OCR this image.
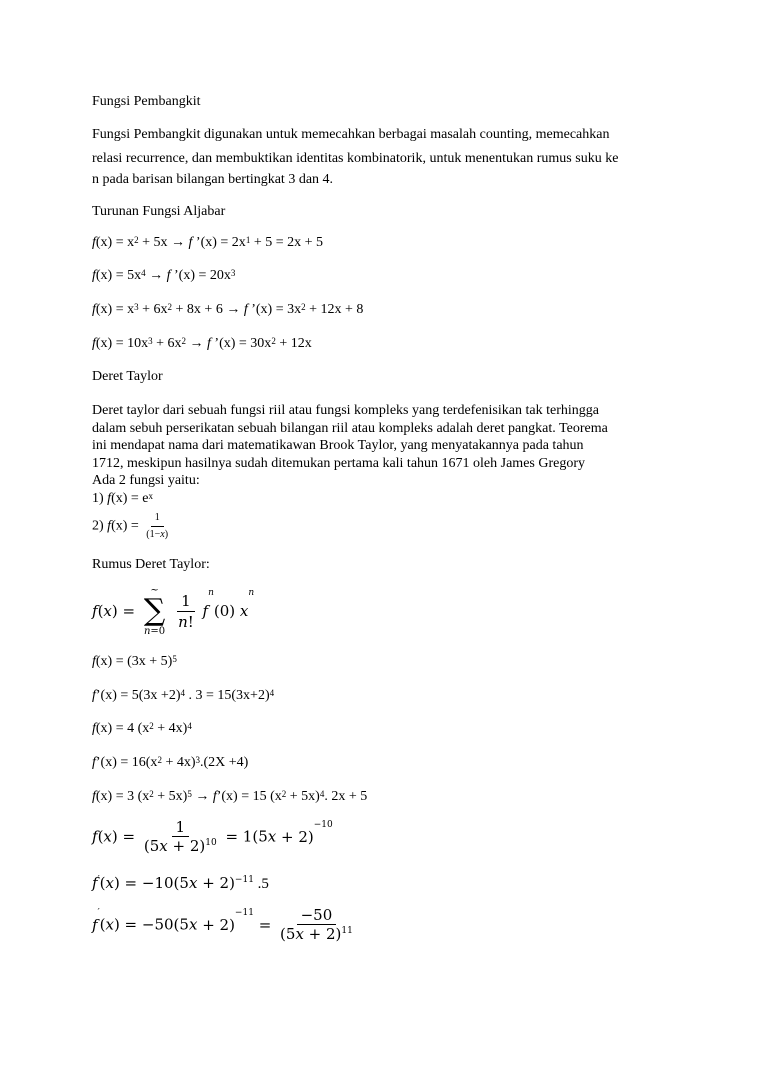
Fungsi Pembangkit
Fungsi Pembangkit digunakan untuk memecahkan berbagai masalah counting, memecahkan
relasi recurrence, dan membuktikan identitas kombinatorik, untuk menentukan rumus suku ke
n pada barisan bilangan bertingkat 3 dan 4.
Turunan Fungsi Aljabar
$f(x) = x^2 + 5x \to f$ ’(x) = $2x^1 + 5 = 2x + 5$
$f(x) = 5x^4 \to f$ ’(x) = $20x^3$
$f(x) = x^3 + 6x^2 + 8x + 6 \to f$ ’(x) = $3x^2 + 12x + 8$
$f(x) = 10x^3 + 6x^2 \to f$ ’(x) = $30x^2 + 12x$
Deret Taylor
Deret taylor dari sebuah fungsi riil atau fungsi kompleks yang terdefenisikan tak terhingga
dalam sebuh perserikatan sebuah bilangan riil atau kompleks adalah deret pangkat. Teorema
ini mendapat nama dari matematikawan Brook Taylor, yang menyatakannya pada tahun
1712, meskipun hasilnya sudah ditemukan pertama kali tahun 1671 oleh James Gregory
Ada 2 fungsi yaitu:
1) $f(x) = e^x$
2) $f(x) = \frac{1}{(1-x)}$
Rumus Deret Taylor:
f(x) =
~
∑
n=0
$\frac{1}{n!} f^n(0)$ $x^n$
$f(x) = (3x + 5)^5$
f’(x) = $5(3x +2)^4$ . $3 = 15(3x+2)^4$
f(x) = 4 $(x^2 + 4x)^4$
f’(x) = $16(x^2 + 4x)^3.(2X +4)$
f(x) = 3 $(x^2 + 5x)^5$ → f’(x) = 15 $(x^2 + 5x)^4$. 2x + 5
$f(x) = \frac{1}{(5x + 2)^{10}} = 1(5x + 2)^{-10}$
$f'(x) = -10(5x + 2)^{-11}$ .5
$f'(x) = -50(5x + 2)^{-11} = \frac{-50}{(5x + 2)^{11}}$
